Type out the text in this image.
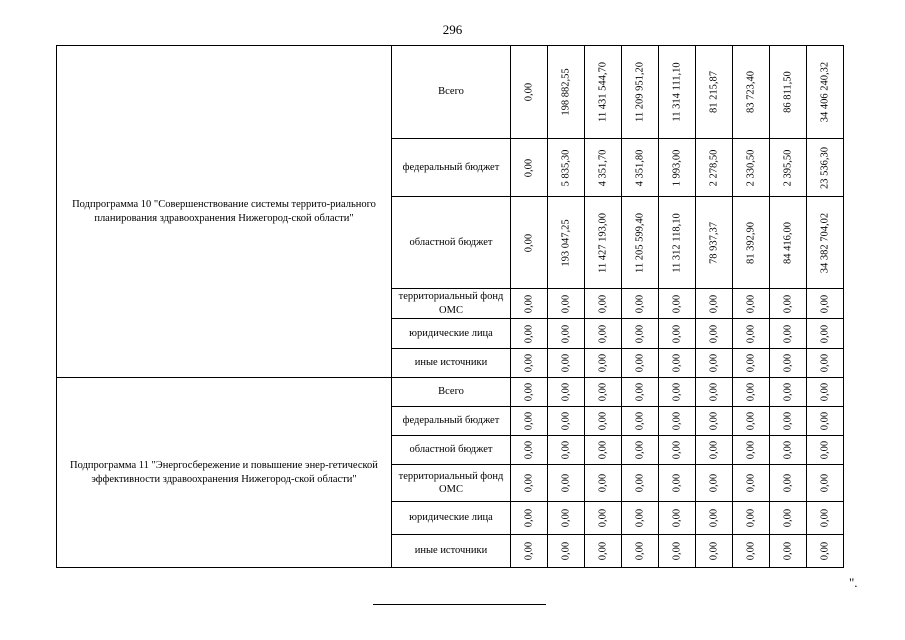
296
Подпрограмма 10 "Совершенствование системы террито-риального планирования здравоохранения Нижегород-ской области"	Всего	0,00	198 882,55	11 431 544,70	11 209 951,20	11 314 111,10	81 215,87	83 723,40	86 811,50	34 406 240,32

	федеральный бюджет	0,00	5 835,30	4 351,70	4 351,80	1 993,00	2 278,50	2 330,50	2 395,50	23 536,30

	областной бюджет	0,00	193 047,25	11 427 193,00	11 205 599,40	11 312 118,10	78 937,37	81 392,90	84 416,00	34 382 704,02

	территориальный фонд ОМС	0,00	0,00	0,00	0,00	0,00	0,00	0,00	0,00	0,00

	юридические лица	0,00	0,00	0,00	0,00	0,00	0,00	0,00	0,00	0,00

	иные источники	0,00	0,00	0,00	0,00	0,00	0,00	0,00	0,00	0,00

Подпрограмма 11 "Энергосбережение и повышение энер-гетической эффективности здравоохранения Нижегород-ской области"	Всего	0,00	0,00	0,00	0,00	0,00	0,00	0,00	0,00	0,00

	федеральный бюджет	0,00	0,00	0,00	0,00	0,00	0,00	0,00	0,00	0,00

	областной бюджет	0,00	0,00	0,00	0,00	0,00	0,00	0,00	0,00	0,00

	территориальный фонд ОМС	0,00	0,00	0,00	0,00	0,00	0,00	0,00	0,00	0,00

	юридические лица	0,00	0,00	0,00	0,00	0,00	0,00	0,00	0,00	0,00

	иные источники	0,00	0,00	0,00	0,00	0,00	0,00	0,00	0,00	0,00
".
